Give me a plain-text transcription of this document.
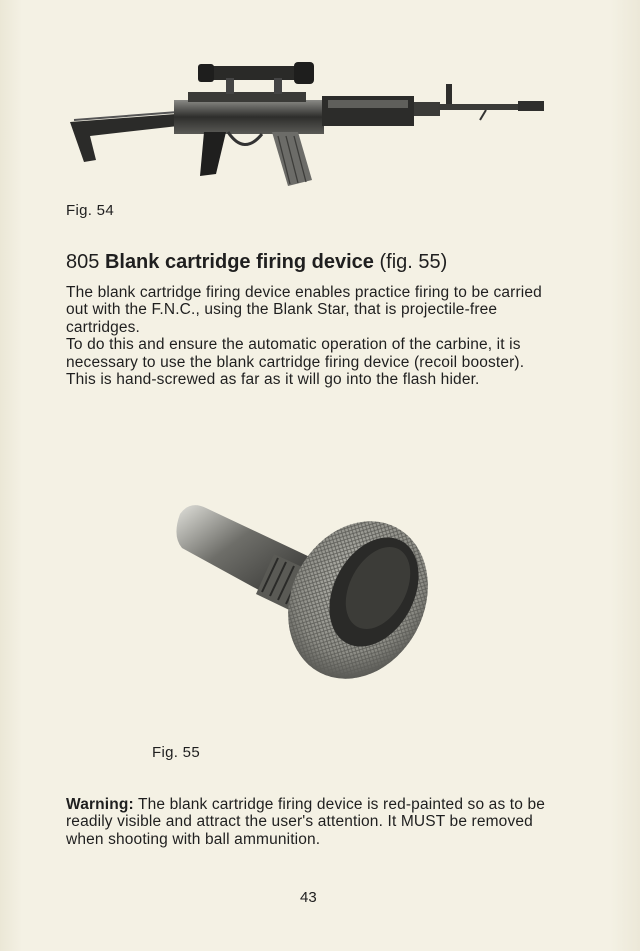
Fig. 54
805 Blank cartridge firing device (fig. 55)

The blank cartridge firing device enables practice firing to be carried out with the F.N.C., using the Blank Star, that is projectile-free cartridges.

To do this and ensure the automatic operation of the carbine, it is necessary to use the blank cartridge firing device (recoil booster).

This is hand-screwed as far as it will go into the flash hider.

Fig. 55
Warning: The blank cartridge firing device is red-painted so as to be readily visible and attract the user's attention. It MUST be removed when shooting with ball ammunition.
43
